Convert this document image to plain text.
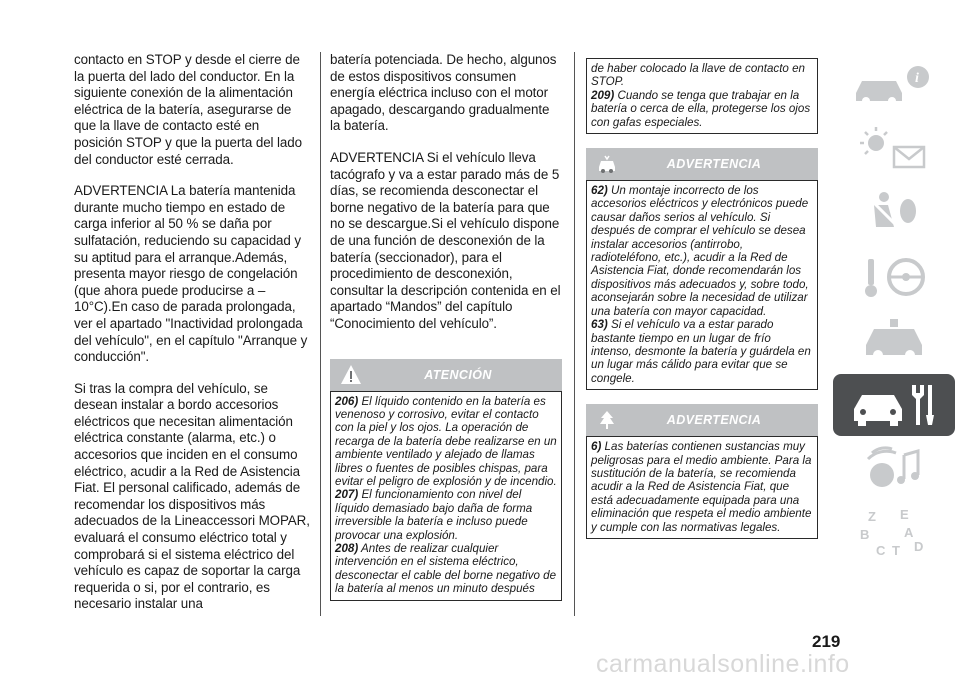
contacto en STOP y desde el cierre de la puerta del lado del conductor. En la siguiente conexión de la alimentación eléctrica de la batería, asegurarse de que la llave de contacto esté en posición STOP y que la puerta del lado del conductor esté cerrada.

ADVERTENCIA La batería mantenida durante mucho tiempo en estado de carga inferior al 50 % se daña por sulfatación, reduciendo su capacidad y su aptitud para el arranque.Además, presenta mayor riesgo de congelación (que ahora puede producirse a –10°C).En caso de parada prolongada, ver el apartado "Inactividad prolongada del vehículo", en el capítulo "Arranque y conducción".

Si tras la compra del vehículo, se desean instalar a bordo accesorios eléctricos que necesitan alimentación eléctrica constante (alarma, etc.) o accesorios que inciden en el consumo eléctrico, acudir a la Red de Asistencia Fiat. El personal calificado, además de recomendar los dispositivos más adecuados de la Lineaccessori MOPAR, evaluará el consumo eléctrico total y comprobará si el sistema eléctrico del vehículo es capaz de soportar la carga requerida o si, por el contrario, es necesario instalar una

batería potenciada. De hecho, algunos de estos dispositivos consumen energía eléctrica incluso con el motor apagado, descargando gradualmente la batería.

ADVERTENCIA Si el vehículo lleva tacógrafo y va a estar parado más de 5 días, se recomienda desconectar el borne negativo de la batería para que no se descargue.Si el vehículo dispone de una función de desconexión de la batería (seccionador), para el procedimiento de desconexión, consultar la descripción contenida en el apartado “Mandos” del capítulo “Conocimiento del vehículo”.

ATENCIÓN

206) El líquido contenido en la batería es venenoso y corrosivo, evitar el contacto con la piel y los ojos. La operación de recarga de la batería debe realizarse en un ambiente ventilado y alejado de llamas libres o fuentes de posibles chispas, para evitar el peligro de explosión y de incendio.

207) El funcionamiento con nivel del líquido demasiado bajo daña de forma irreversible la batería e incluso puede provocar una explosión.

208) Antes de realizar cualquier intervención en el sistema eléctrico, desconectar el cable del borne negativo de la batería al menos un minuto después

de haber colocado la llave de contacto en STOP.

209) Cuando se tenga que trabajar en la batería o cerca de ella, protegerse los ojos con gafas especiales.

ADVERTENCIA

62) Un montaje incorrecto de los accesorios eléctricos y electrónicos puede causar daños serios al vehículo. Si después de comprar el vehículo se desea instalar accesorios (antirrobo, radioteléfono, etc.), acudir a la Red de Asistencia Fiat, donde recomendarán los dispositivos más adecuados y, sobre todo, aconsejarán sobre la necesidad de utilizar una batería con mayor capacidad.

63) Si el vehículo va a estar parado bastante tiempo en un lugar de frío intenso, desmonte la batería y guárdela en un lugar más cálido para evitar que se congele.

ADVERTENCIA

6) Las baterías contienen sustancias muy peligrosas para el medio ambiente. Para la sustitución de la batería, se recomienda acudir a la Red de Asistencia Fiat, que está adecuadamente equipada para una eliminación que respeta el medio ambiente y cumple con las normativas legales.

i
Z E
B	A
C T D
219
carmanualsonline.info
